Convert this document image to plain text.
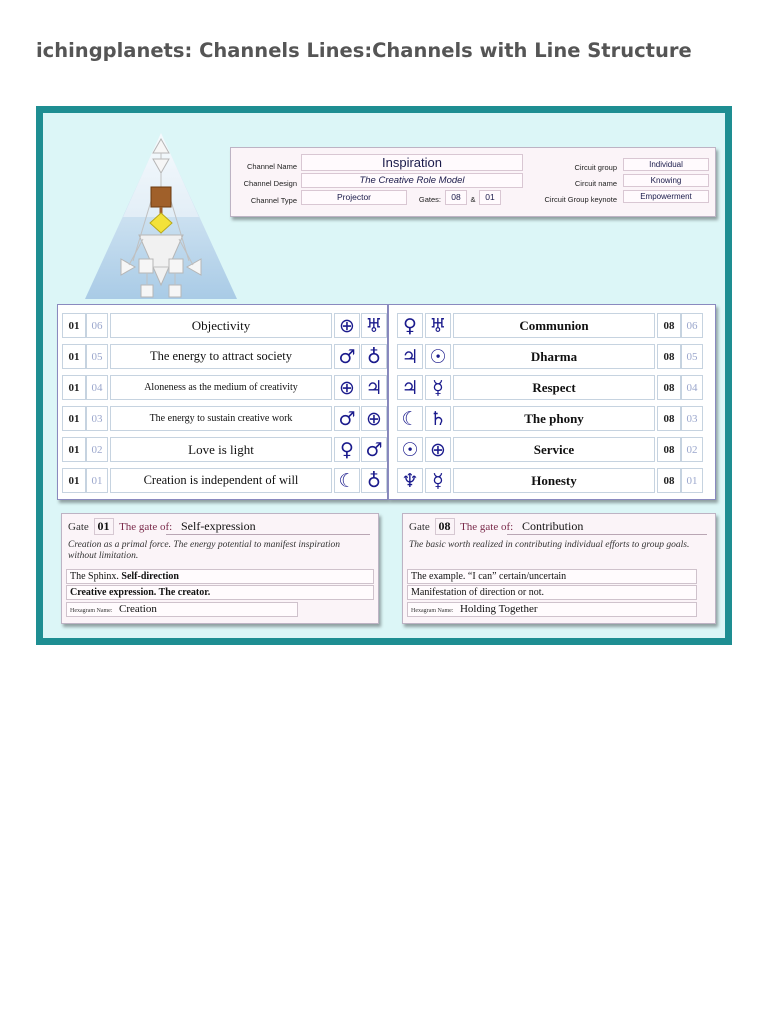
ichingplanets: Channels Lines:Channels with Line Structure
Channel Name	Inspiration
Channel Design	The Creative Role Model
Channel Type	Projector	Gates:	08	&	01
Circuit group	Individual
Circuit name	Knowing
Circuit Group keynote	Empowerment
01	06	Objectivity	⊕ ♅
01	05	The energy to attract society	♂ ♁
01	04	Aloneness as the medium of creativity	⊕ ♃
01	03	The energy to sustain creative work	♂ ⊕
01	02	Love is light	♀ ♂
01	01	Creation is independent of will	☾ ♁
♀ ♅	Communion	08	06
♃ ☉	Dharma	08	05
♃ ☿	Respect	08	04
☾ ♄	The phony	08	03
☉ ⊕	Service	08	02
♆ ☿	Honesty	08	01
Gate 01 The gate of: Self-expression
Creation as a primal force. The energy potential to manifest inspiration without limitation.
The Sphinx. Self-direction
Creative expression. The creator.
Hexagram Name: Creation
Gate 08 The gate of: Contribution
The basic worth realized in contributing individual efforts to group goals.
The example. “I can” certain/uncertain
Manifestation of direction or not.
Hexagram Name: Holding Together
